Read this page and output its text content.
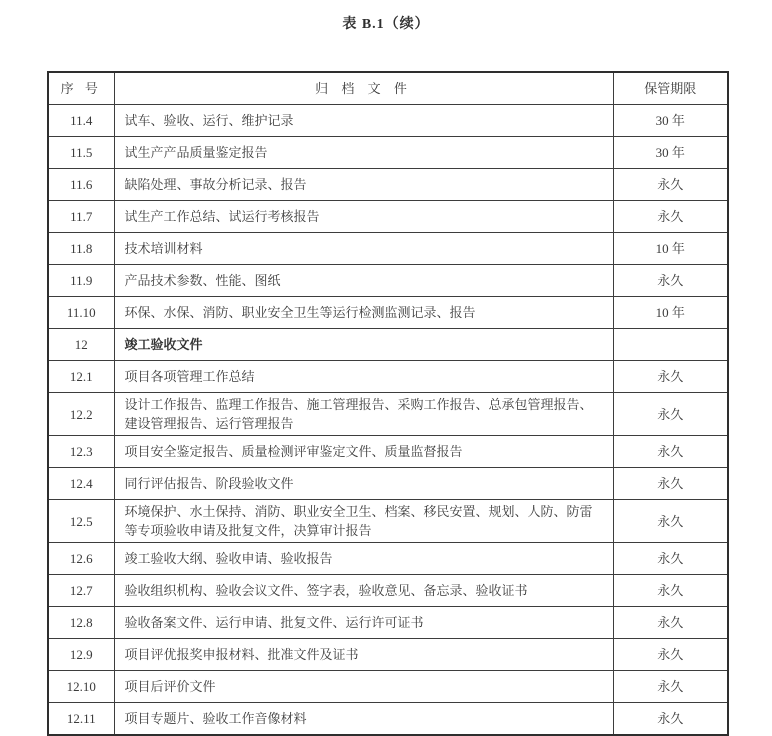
表 B.1（续）
序 号	归 档 文 件	保管期限
11.4	试车、验收、运行、维护记录	30 年
11.5	试生产产品质量鉴定报告	30 年
11.6	缺陷处理、事故分析记录、报告	永久
11.7	试生产工作总结、试运行考核报告	永久
11.8	技术培训材料	10 年
11.9	产品技术参数、性能、图纸	永久
11.10	环保、水保、消防、职业安全卫生等运行检测监测记录、报告	10 年
12	竣工验收文件	
12.1	项目各项管理工作总结	永久
12.2	设计工作报告、监理工作报告、施工管理报告、采购工作报告、总承包管理报告、建设管理报告、运行管理报告	永久
12.3	项目安全鉴定报告、质量检测评审鉴定文件、质量监督报告	永久
12.4	同行评估报告、阶段验收文件	永久
12.5	环境保护、水土保持、消防、职业安全卫生、档案、移民安置、规划、人防、防雷等专项验收申请及批复文件，决算审计报告	永久
12.6	竣工验收大纲、验收申请、验收报告	永久
12.7	验收组织机构、验收会议文件、签字表，验收意见、备忘录、验收证书	永久
12.8	验收备案文件、运行申请、批复文件、运行许可证书	永久
12.9	项目评优报奖申报材料、批准文件及证书	永久
12.10	项目后评价文件	永久
12.11	项目专题片、验收工作音像材料	永久
